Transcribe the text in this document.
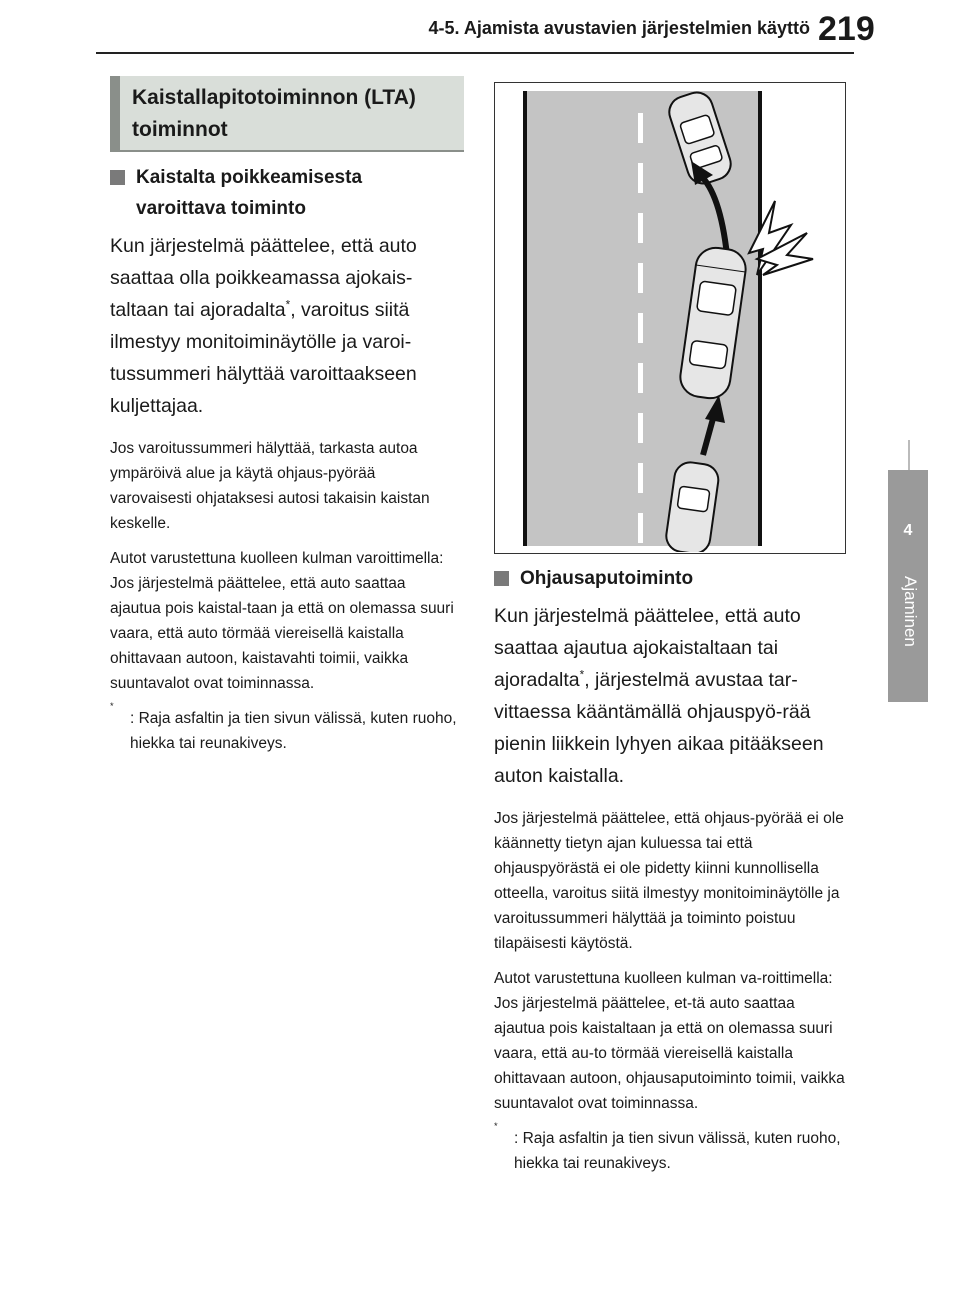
4-5. Ajamista avustavien järjestelmien käyttö 219
4
Ajaminen
Kaistallapitotoiminnon (LTA)
toiminnot
Kaistalta poikkeamisesta
varoittava toiminto

Kun järjestelmä päättelee, että auto saattaa olla poikkeamassa ajokais-taltaan tai ajoradalta*, varoitus siitä ilmestyy monitoiminäytölle ja varoi-tussummeri hälyttää varoittaakseen kuljettajaa.

Jos varoitussummeri hälyttää, tarkasta autoa ympäröivä alue ja käytä ohjaus-pyörää varovaisesti ohjataksesi autosi takaisin kaistan keskelle.

Autot varustettuna kuolleen kulman varoittimella: Jos järjestelmä päättelee, että auto saattaa ajautua pois kaistal-taan ja että on olemassa suuri vaara, että auto törmää viereisellä kaistalla ohittavaan autoon, kaistavahti toimii, vaikka suuntavalot ovat toiminnassa.

*
: Raja asfaltin ja tien sivun välissä, kuten ruoho, hiekka tai reunakiveys.
Ohjausaputoiminto

Kun järjestelmä päättelee, että auto saattaa ajautua ajokaistaltaan tai ajoradalta*, järjestelmä avustaa tar-vittaessa kääntämällä ohjauspyö-rää pienin liikkein lyhyen aikaa pitääkseen auton kaistalla.

Jos järjestelmä päättelee, että ohjaus-pyörää ei ole käännetty tietyn ajan kuluessa tai että ohjauspyörästä ei ole pidetty kiinni kunnollisella otteella, varoitus siitä ilmestyy monitoiminäytölle ja varoitussummeri hälyttää ja toiminto poistuu tilapäisesti käytöstä.

Autot varustettuna kuolleen kulman va-roittimella: Jos järjestelmä päättelee, et-tä auto saattaa ajautua pois kaistaltaan ja että on olemassa suuri vaara, että au-to törmää viereisellä kaistalla ohittavaan autoon, ohjausaputoiminto toimii, vaikka suuntavalot ovat toiminnassa.

*
: Raja asfaltin ja tien sivun välissä, kuten ruoho, hiekka tai reunakiveys.
